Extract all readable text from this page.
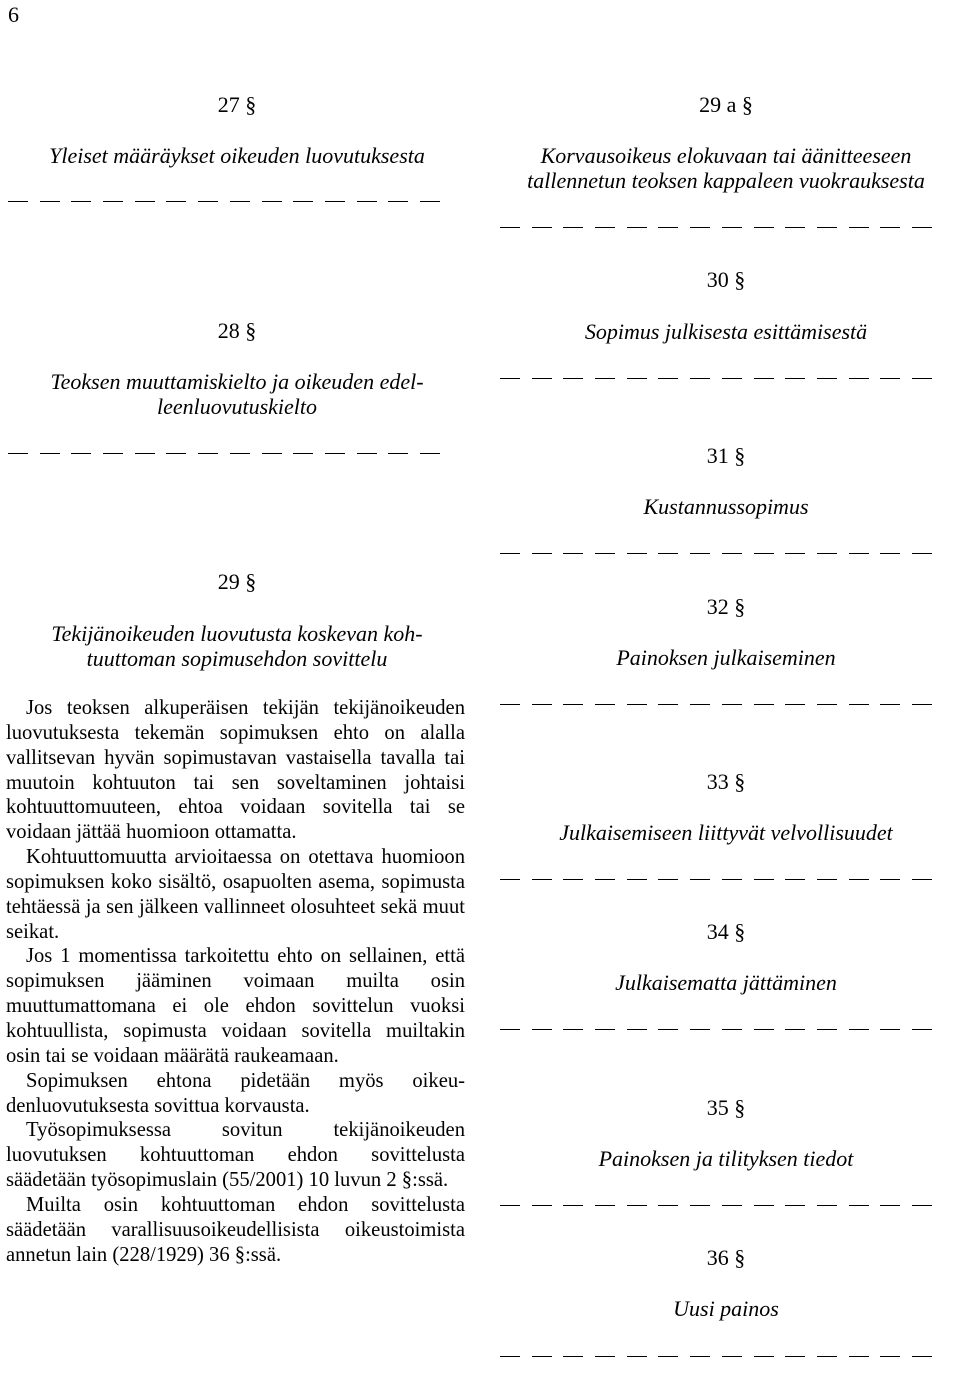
6
27 §
Yleiset määräykset oikeuden luovutuksesta
28 §
Teoksen muuttamiskielto ja oikeuden edel-
leenluovutuskielto
29 §
Tekijänoikeuden luovutusta koskevan koh-
tuuttoman sopimusehdon sovittelu

Jos teoksen alkuperäisen tekijän tekijänoikeuden luovutuksesta tekemän sopimuksen ehto on alalla vallitsevan hyvän sopimustavan vastaisella tavalla tai muutoin kohtuuton tai sen soveltaminen johtaisi kohtuuttomuuteen, ehtoa voidaan sovitella tai se voidaan jättää huomioon ottamatta.

Kohtuuttomuutta arvioitaessa on otettava huomioon sopimuksen koko sisältö, osapuolten asema, sopimusta tehtäessä ja sen jälkeen vallinneet olosuhteet sekä muut seikat.

Jos 1 momentissa tarkoitettu ehto on sellainen, että sopimuksen jääminen voimaan muilta osin muuttumattomana ei ole ehdon sovittelun vuoksi kohtuullista, sopimusta voidaan sovitella muiltakin osin tai se voidaan määrätä raukeamaan.

Sopimuksen ehtona pidetään myös oikeudenluovutuksesta sovittua korvausta.

Työsopimuksessa sovitun tekijänoikeuden luovutuksen kohtuuttoman ehdon sovittelusta säädetään työsopimuslain (55/2001) 10 luvun 2 §:ssä.

Muilta osin kohtuuttoman ehdon sovittelusta säädetään varallisuusoikeudellisista oikeustoimista annetun lain (228/1929) 36 §:ssä.

29 a §
Korvausoikeus elokuvaan tai äänitteeseen
tallennetun teoksen kappaleen vuokrauksesta
30 §
Sopimus julkisesta esittämisestä
31 §
Kustannussopimus
32 §
Painoksen julkaiseminen
33 §
Julkaisemiseen liittyvät velvollisuudet
34 §
Julkaisematta jättäminen
35 §
Painoksen ja tilityksen tiedot
36 §
Uusi painos
